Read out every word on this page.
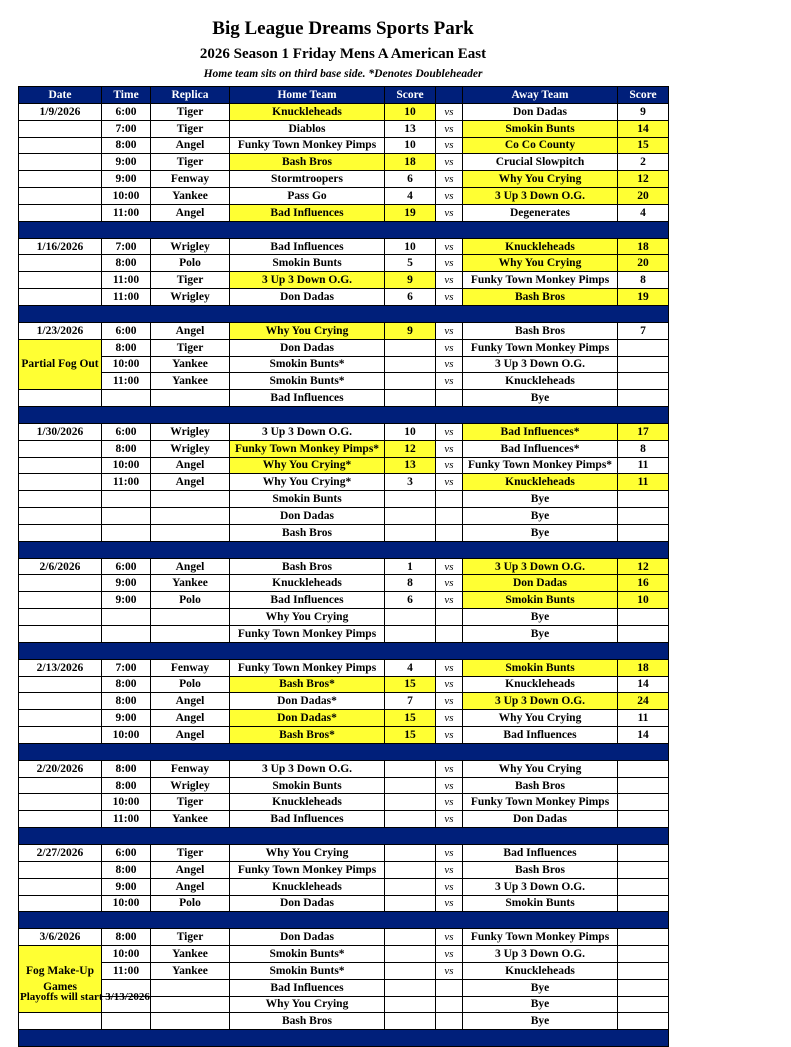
Big League Dreams Sports Park
2026 Season 1 Friday Mens A American East
Home team sits on third base side. *Denotes Doubleheader
Date	Time	Replica	Home Team	Score		Away Team	Score
1/9/2026	6:00	Tiger	Knuckleheads	10	vs	Don Dadas	9
	7:00	Tiger	Diablos	13	vs	Smokin Bunts	14
	8:00	Angel	Funky Town Monkey Pimps	10	vs	Co Co County	15
	9:00	Tiger	Bash Bros	18	vs	Crucial Slowpitch	2
	9:00	Fenway	Stormtroopers	6	vs	Why You Crying	12
	10:00	Yankee	Pass Go	4	vs	3 Up 3 Down O.G.	20
	11:00	Angel	Bad Influences	19	vs	Degenerates	4

1/16/2026	7:00	Wrigley	Bad Influences	10	vs	Knuckleheads	18
	8:00	Polo	Smokin Bunts	5	vs	Why You Crying	20
	11:00	Tiger	3 Up 3 Down O.G.	9	vs	Funky Town Monkey Pimps	8
	11:00	Wrigley	Don Dadas	6	vs	Bash Bros	19

1/23/2026	6:00	Angel	Why You Crying	9	vs	Bash Bros	7
Partial Fog Out	8:00	Tiger	Don Dadas		vs	Funky Town Monkey Pimps	
	10:00	Yankee	Smokin Bunts*		vs	3 Up 3 Down O.G.	
	11:00	Yankee	Smokin Bunts*		vs	Knuckleheads	
			Bad Influences			Bye	

1/30/2026	6:00	Wrigley	3 Up 3 Down O.G.	10	vs	Bad Influences*	17
	8:00	Wrigley	Funky Town Monkey Pimps*	12	vs	Bad Influences*	8
	10:00	Angel	Why You Crying*	13	vs	Funky Town Monkey Pimps*	11
	11:00	Angel	Why You Crying*	3	vs	Knuckleheads	11
			Smokin Bunts			Bye	
			Don Dadas			Bye	
			Bash Bros			Bye	

2/6/2026	6:00	Angel	Bash Bros	1	vs	3 Up 3 Down O.G.	12
	9:00	Yankee	Knuckleheads	8	vs	Don Dadas	16
	9:00	Polo	Bad Influences	6	vs	Smokin Bunts	10
			Why You Crying			Bye	
			Funky Town Monkey Pimps			Bye	

2/13/2026	7:00	Fenway	Funky Town Monkey Pimps	4	vs	Smokin Bunts	18
	8:00	Polo	Bash Bros*	15	vs	Knuckleheads	14
	8:00	Angel	Don Dadas*	7	vs	3 Up 3 Down O.G.	24
	9:00	Angel	Don Dadas*	15	vs	Why You Crying	11
	10:00	Angel	Bash Bros*	15	vs	Bad Influences	14

2/20/2026	8:00	Fenway	3 Up 3 Down O.G.		vs	Why You Crying	
	8:00	Wrigley	Smokin Bunts		vs	Bash Bros	
	10:00	Tiger	Knuckleheads		vs	Funky Town Monkey Pimps	
	11:00	Yankee	Bad Influences		vs	Don Dadas	

2/27/2026	6:00	Tiger	Why You Crying		vs	Bad Influences	
	8:00	Angel	Funky Town Monkey Pimps		vs	Bash Bros	
	9:00	Angel	Knuckleheads		vs	3 Up 3 Down O.G.	
	10:00	Polo	Don Dadas		vs	Smokin Bunts	

3/6/2026	8:00	Tiger	Don Dadas		vs	Funky Town Monkey Pimps	
Fog Make-Up Games	10:00	Yankee	Smokin Bunts*		vs	3 Up 3 Down O.G.	
	11:00	Yankee	Smokin Bunts*		vs	Knuckleheads	
			Bad Influences			Bye	
			Why You Crying			Bye	
			Bash Bros			Bye	

Playoffs will start 3/13/2026
